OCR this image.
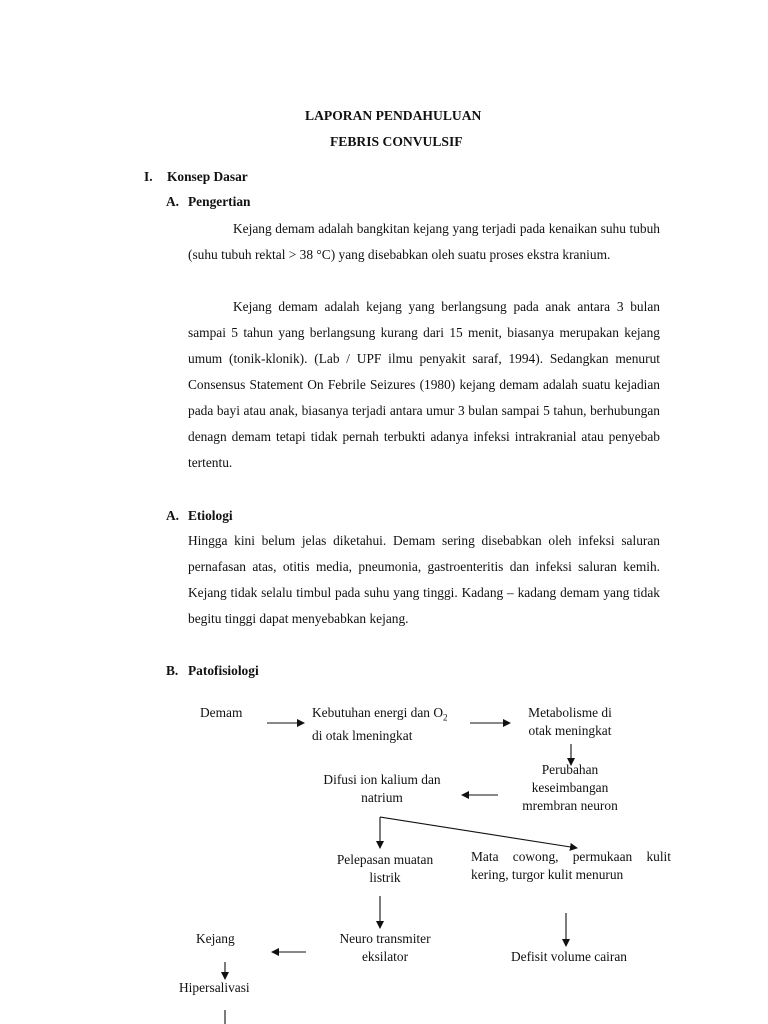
LAPORAN PENDAHULUAN

FEBRIS CONVULSIF

I. Konsep Dasar

A. Pengertian

Kejang demam adalah bangkitan kejang yang terjadi pada kenaikan suhu tubuh (suhu tubuh rektal > 38 °C) yang disebabkan oleh suatu proses ekstra kranium.

Kejang demam adalah kejang yang berlangsung pada anak antara 3 bulan sampai 5 tahun yang berlangsung kurang dari 15 menit, biasanya merupakan kejang umum (tonik-klonik). (Lab / UPF ilmu penyakit saraf, 1994). Sedangkan menurut Consensus Statement On Febrile Seizures (1980) kejang demam adalah suatu kejadian pada bayi atau anak, biasanya terjadi antara umur 3 bulan sampai 5 tahun, berhubungan denagn demam tetapi tidak pernah terbukti adanya infeksi intrakranial atau penyebab tertentu.

A. Etiologi

Hingga kini belum jelas diketahui. Demam sering disebabkan oleh infeksi saluran pernafasan atas, otitis media, pneumonia, gastroenteritis dan infeksi saluran kemih. Kejang tidak selalu timbul pada suhu yang tinggi. Kadang – kadang demam yang tidak begitu tinggi dapat menyebabkan kejang.

B. Patofisiologi

Demam	Kebutuhan energi dan $O_2$
di otak lmeningkat
Metabolisme di
otak meningkat
Perubahan
keseimbangan
mrembran neuron
Difusi ion kalium dan
natrium
Pelepasan muatan
listrik
Mata cowong, permukaan kulit kering, turgor kulit menurun
Neuro transmiter
eksilator	Defisit volume cairan
Kejang
Hipersalivasi
